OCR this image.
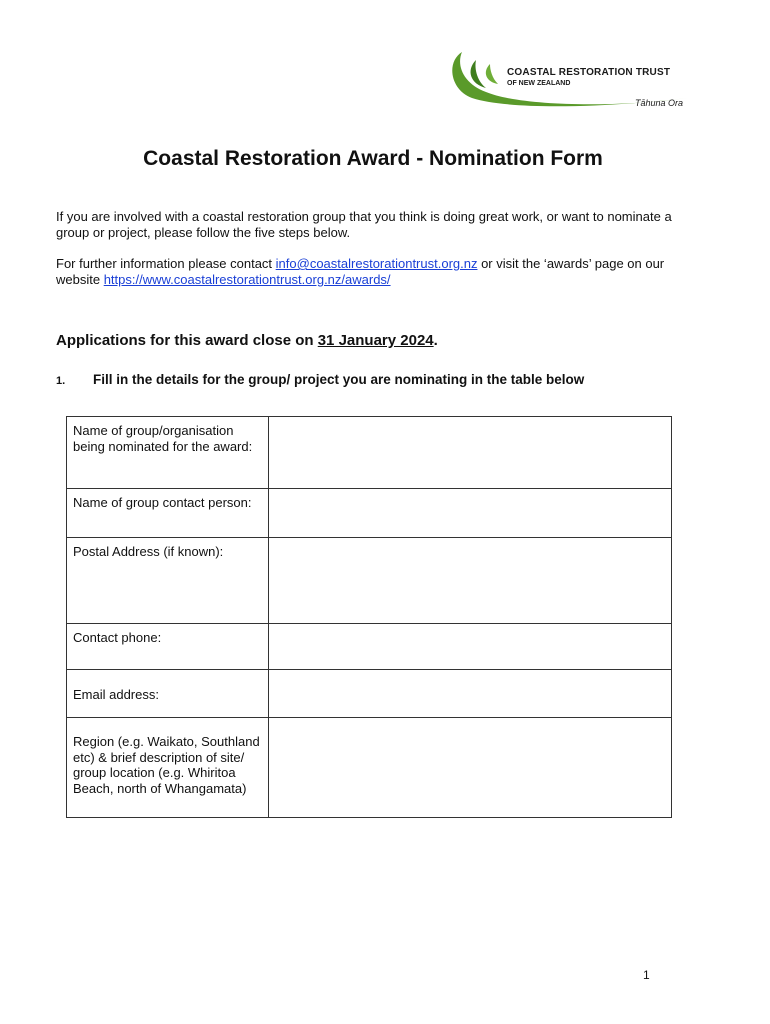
COASTAL RESTORATION TRUST
OF NEW ZEALAND
Tāhuna Ora
Coastal Restoration Award - Nomination Form

If you are involved with a coastal restoration group that you think is doing great work, or want to nominate a group or project, please follow the five steps below.

For further information please contact info@coastalrestorationtrust.org.nz or visit the ‘awards’ page on our website https://www.coastalrestorationtrust.org.nz/awards/

Applications for this award close on 31 January 2024.

1. Fill in the details for the group/ project you are nominating in the table below

Name of group/organisation being nominated for the award:	
Name of group contact person:	
Postal Address (if known):	
Contact phone:	
Email address:	
Region (e.g. Waikato, Southland etc) & brief description of site/ group location (e.g. Whiritoa Beach, north of Whangamata)	
1
